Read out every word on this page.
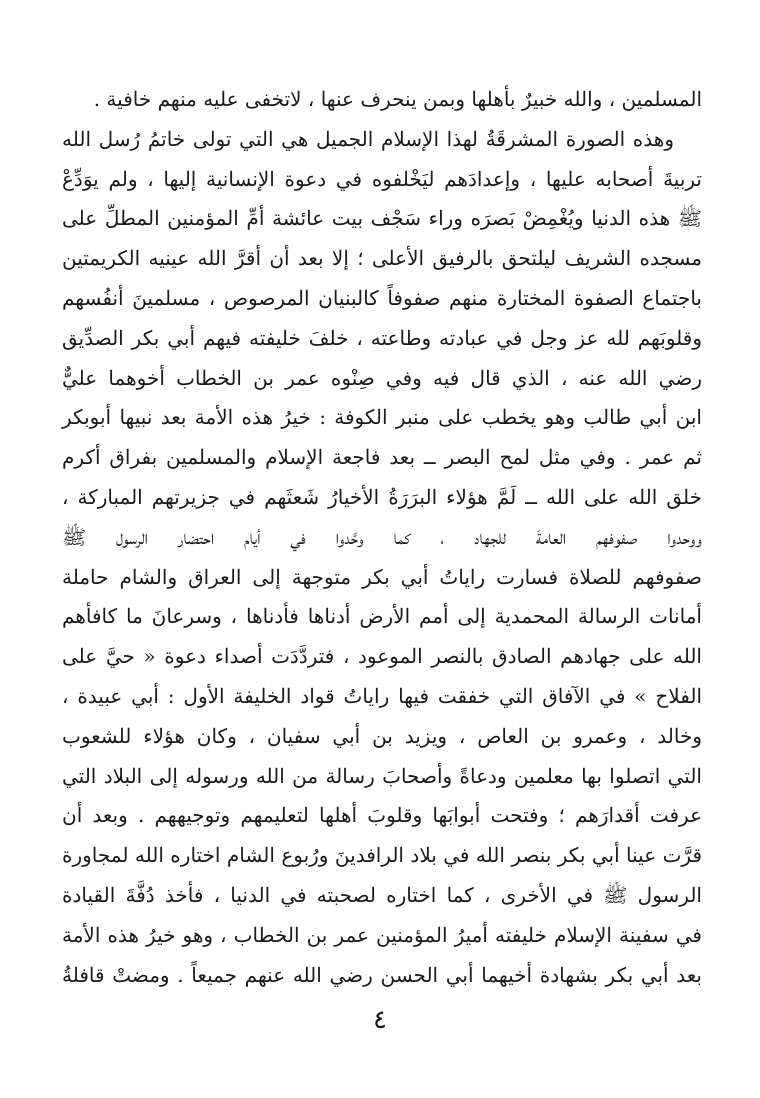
المسلمين ، والله خبيرٌ بأهلها وبمن ينحرف عنها ، لاتخفى عليه منهم خافية .
وهذه الصورة المشرقَةُ لهذا الإسلام الجميل هي التي تولى خاتمُ رُسل الله
تربيةَ أصحابه عليها ، وإعدادَهم ليَخْلفوه في دعوة الإنسانية إليها ، ولم يوَدِّعْ
ﷺ هذه الدنيا ويُغْمِضْ بَصرَه وراء سَجْف بيت عائشة أمِّ المؤمنين المطلِّ على
مسجده الشريف ليلتحق بالرفيق الأعلى ؛ إلا بعد أن أقرَّ الله عينيه الكريمتين
باجتماع الصفوة المختارة منهم صفوفاً كالبنيان المرصوص ، مسلمينَ أنفُسهم
وقلوبَهم لله عز وجل في عبادته وطاعته ، خلفَ خليفته فيهم أبي بكر الصدِّيق
رضي الله عنه ، الذي قال فيه وفي صِنْوه عمر بن الخطاب أخوهما عليٌّ
ابن أبي طالب وهو يخطب على منبر الكوفة : خيرُ هذه الأمة بعد نبيها أبوبكر
ثم عمر . وفي مثل لمح البصر ــ بعد فاجعة الإسلام والمسلمين بفراق أكرم
خلق الله على الله ــ لَمَّ هؤلاء البرَرَةُ الأخيارُ شَعثَهم في جزيرتهم المباركة ،
ووحدوا صفوفهم العامةَ للجهاد ، كما وحَّدوا في أيام احتضار الرسول ﷺ
صفوفهم للصلاة فسارت راياتُ أبي بكر متوجهة إلى العراق والشام حاملة
أمانات الرسالة المحمدية إلى أمم الأرض أدناها فأدناها ، وسرعانَ ما كافأهم
الله على جهادهم الصادق بالنصر الموعود ، فتردَّدَت أصداء دعوة « حيَّ على
الفلاح » في الآفاق التي خفقت فيها راياتُ قواد الخليفة الأول : أبي عبيدة ،
وخالد ، وعمرو بن العاص ، ويزيد بن أبي سفيان ، وكان هؤلاء للشعوب
التي اتصلوا بها معلمين ودعاةً وأصحابَ رسالة من الله ورسوله إلى البلاد التي
عرفت أقدارَهم ؛ وفتحت أبوابَها وقلوبَ أهلها لتعليمهم وتوجيههم . وبعد أن
قرَّت عينا أبي بكر بنصر الله في بلاد الرافدينَ ورُبوع الشام اختاره الله لمجاورة
الرسول ﷺ في الأخرى ، كما اختاره لصحبته في الدنيا ، فأخذ دُفَّةَ القيادة
في سفينة الإسلام خليفته أميرُ المؤمنين عمر بن الخطاب ، وهو خيرُ هذه الأمة
بعد أبي بكر بشهادة أخيهما أبي الحسن رضي الله عنهم جميعاً . ومضتْ قافلةُ
٤
